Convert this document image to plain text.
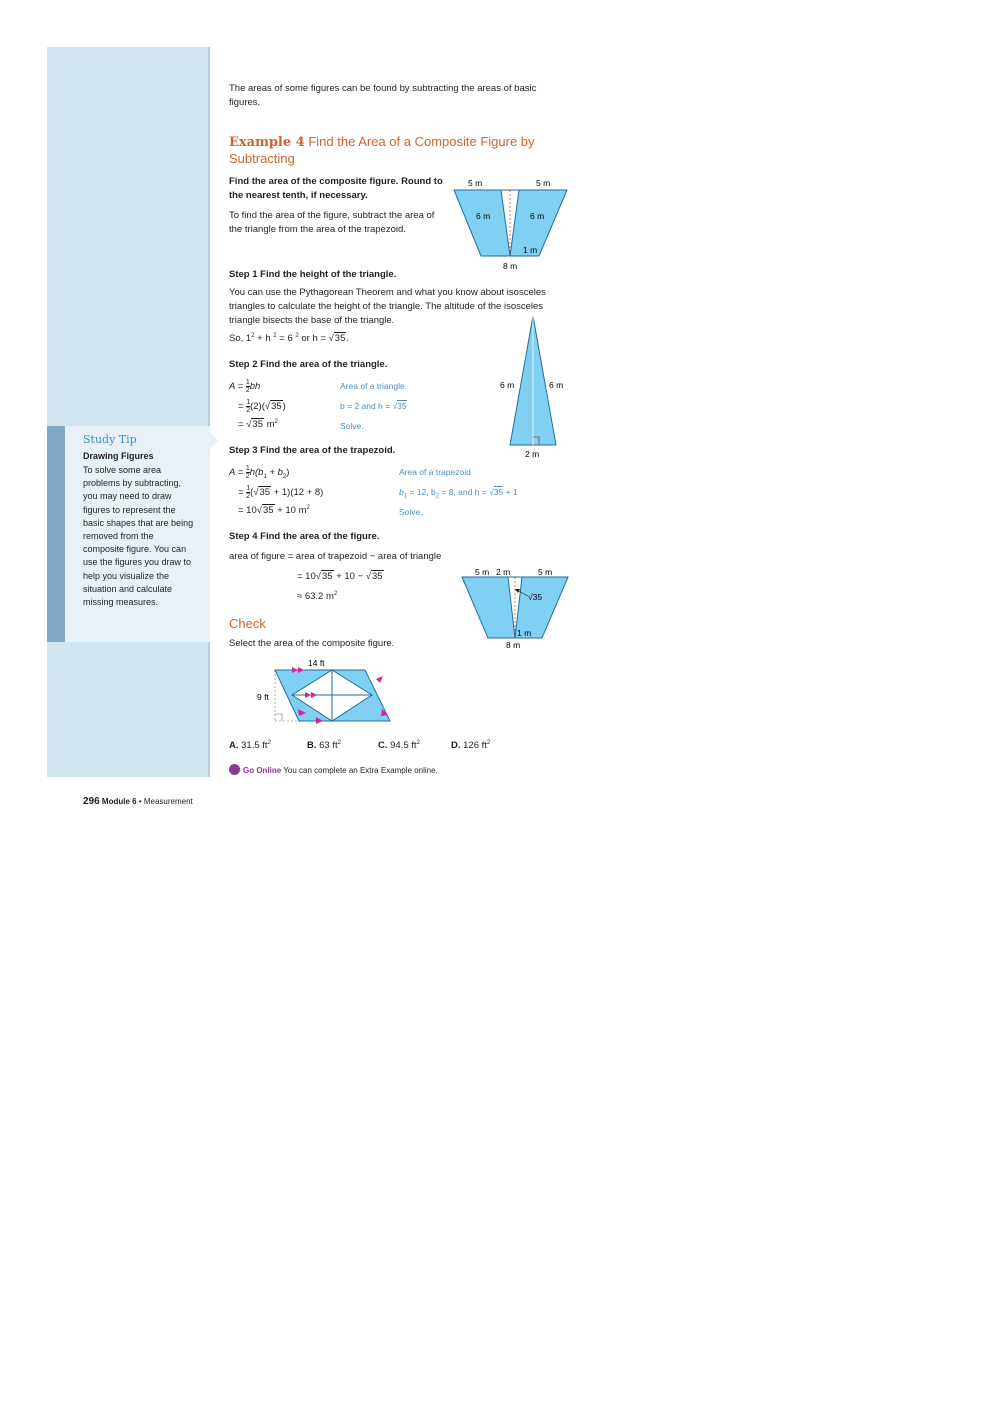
Study Tip
Drawing Figures
To solve some area problems by subtracting, you may need to draw figures to represent the basic shapes that are being removed from the composite figure. You can use the figures you draw to help you visualize the situation and calculate missing measures.
The areas of some figures can be found by subtracting the areas of basic figures.
Example 4 Find the Area of a Composite Figure by Subtracting
Find the area of the composite figure. Round to the nearest tenth, if necessary.
To find the area of the figure, subtract the area of the triangle from the area of the trapezoid.
5 m	5 m
6 m	6 m
1 m
8 m
Step 1 Find the height of the triangle.
You can use the Pythagorean Theorem and what you know about isosceles triangles to calculate the height of the triangle. The altitude of the isosceles triangle bisects the base of the triangle.
So, $1^2 + h$ $^2$ = 6 $^2$ or h = √35.
6 m	6 m
2 m
Step 2 Find the area of the triangle.
$A = \frac{1}{2}$ bh	Area of a triangle
= $\frac{1}{2} (2)(√35)$	b = 2 and h = √35
= √35 $m^2$	Solve.
Step 3 Find the area of the trapezoid.
$A = \frac{1}{2} h(b_1 + b_2)$	Area of a trapezoid
= $\frac{1}{2} (√35 + 1)(12 + 8)$	$b_1 = 12$, $b_2 = 8$, and h = √35 + 1
= 10√35 + 10 $m^2$	Solve.
Step 4 Find the area of the figure.
area of figure = area of trapezoid − area of triangle
= 10√35 + 10 − √35
≈ 63.2 $m^2$
5 m 2 m	5 m
√35
1 m
8 m
Check
Select the area of the composite figure.
14 ft
9 ft
A. 31.5 $ft^2$	B. 63 $ft^2$	C. 94.5 $ft^2$	D. 126 $ft^2$
Go Online You can complete an Extra Example online.
296 Module 6 • Measurement
